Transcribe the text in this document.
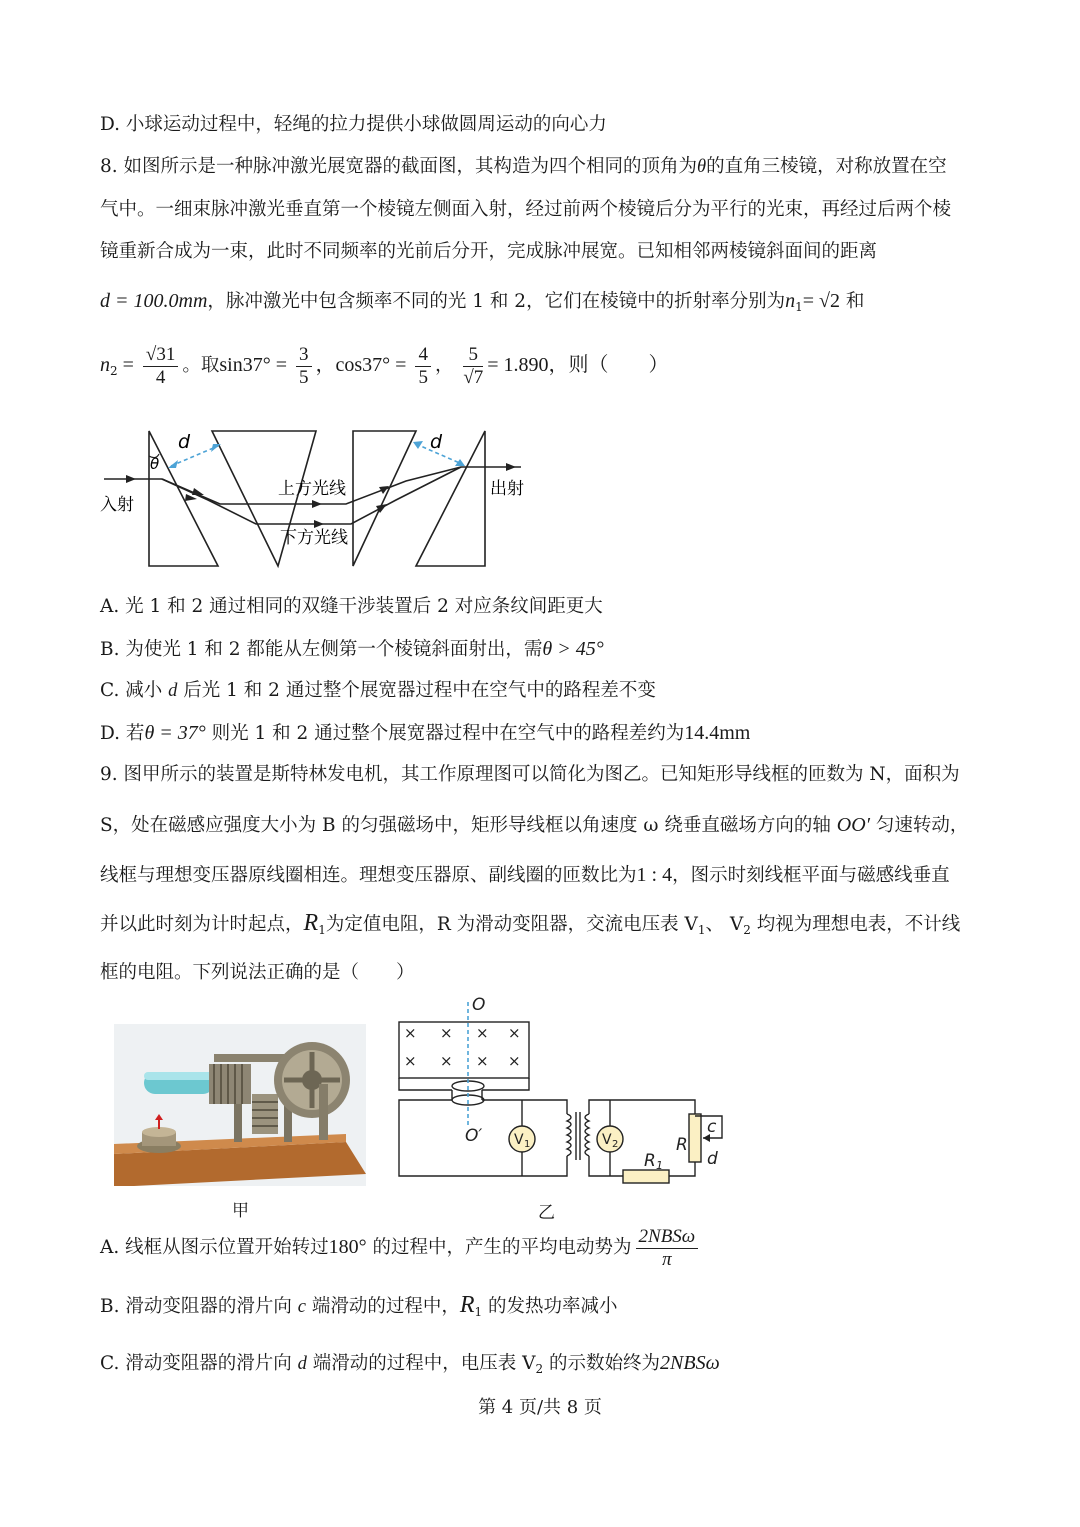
D. 小球运动过程中，轻绳的拉力提供小球做圆周运动的向心力
8. 如图所示是一种脉冲激光展宽器的截面图，其构造为四个相同的顶角为θ的直角三棱镜，对称放置在空
气中。一细束脉冲激光垂直第一个棱镜左侧面入射，经过前两个棱镜后分为平行的光束，再经过后两个棱
镜重新合成为一束，此时不同频率的光前后分开，完成脉冲展宽。已知相邻两棱镜斜面间的距离
d = 100.0mm，脉冲激光中包含频率不同的光 1 和 2，它们在棱镜中的折射率分别为$n_1= √2$ 和
$n_2 = \frac{√31}{4}$ 。取$\sin 37^\circ = \frac{3}{5}$ ，$\cos 37^\circ = \frac{4}{5}$ ， $\frac{5}{√7} = 1.890$，则（　　）
θ
d	d
入射
出射
上方光线
下方光线
A. 光 1 和 2 通过相同的双缝干涉装置后 2 对应条纹间距更大
B. 为使光 1 和 2 都能从左侧第一个棱镜斜面射出，需θ > 45°
C. 减小 d 后光 1 和 2 通过整个展宽器过程中在空气中的路程差不变
D. 若θ = 37° 则光 1 和 2 通过整个展宽器过程中在空气中的路程差约为14.4mm
9. 图甲所示的装置是斯特林发电机，其工作原理图可以简化为图乙。已知矩形导线框的匝数为 N，面积为
S，处在磁感应强度大小为 B 的匀强磁场中，矩形导线框以角速度 ω 绕垂直磁场方向的轴 OO′ 匀速转动，
线框与理想变压器原线圈相连。理想变压器原、副线圈的匝数比为1 : 4，图示时刻线框平面与磁感线垂直
并以此时刻为计时起点，$R_1$为定值电阻，R 为滑动变阻器，交流电压表 $V_1$、 $V_2$ 均视为理想电表，不计线
框的电阻。下列说法正确的是（　　）
甲
× × × ×
× × × ×
O
O′	R
R 1
c
d
V 1	V 2
乙
A. 线框从图示位置开始转过180° 的过程中，产生的平均电动势为 $\frac{\text{2NBSω}}{\pi}$
B. 滑动变阻器的滑片向 c 端滑动的过程中，$R_1$ 的发热功率减小
C. 滑动变阻器的滑片向 d 端滑动的过程中，电压表 $V_2$ 的示数始终为2NBSω
第 4 页/共 8 页
